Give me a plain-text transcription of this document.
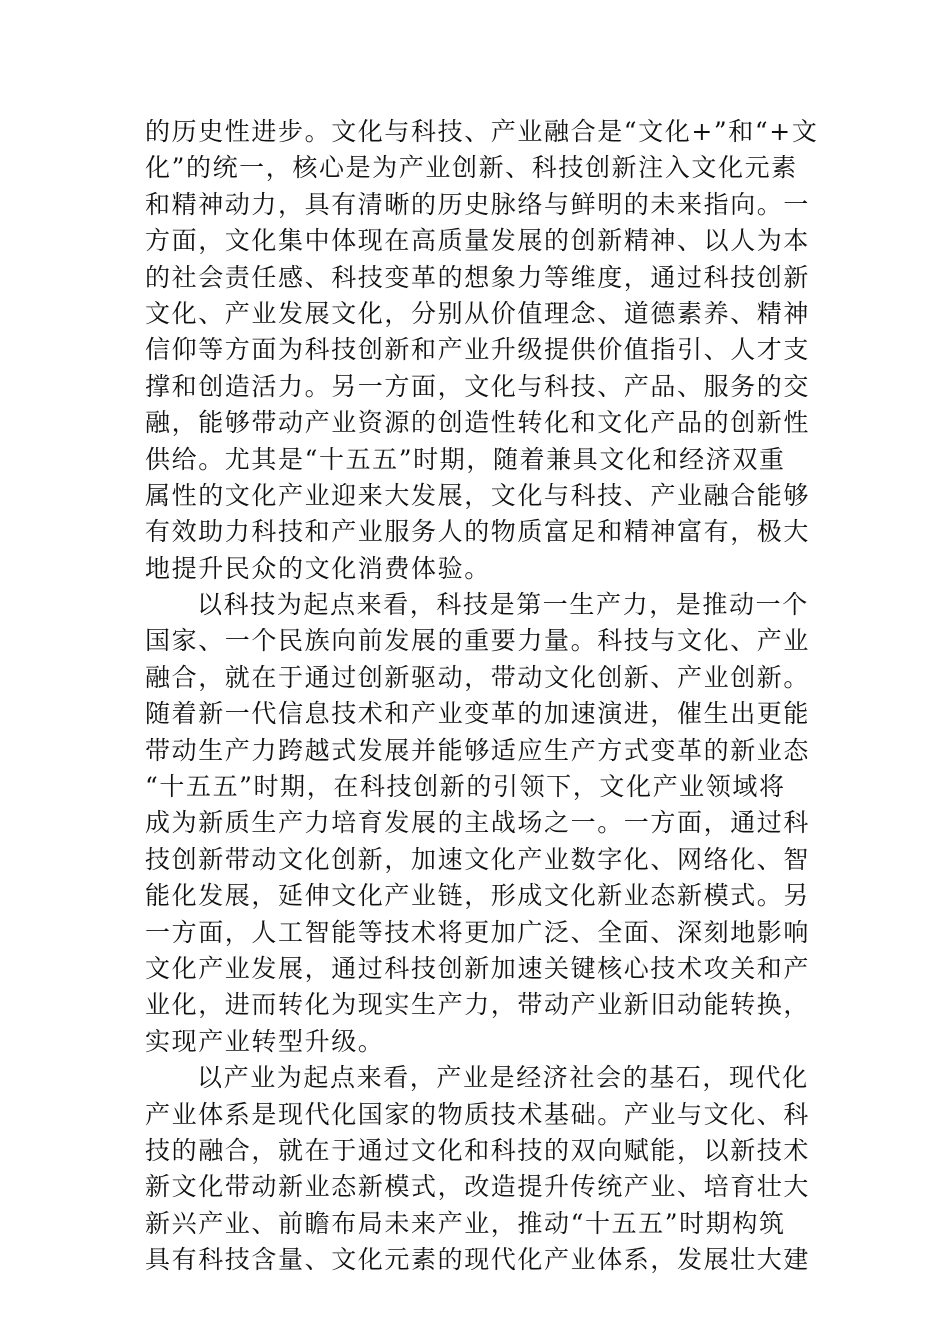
的历史性进步。文化与科技、产业融合是“文化+”和“+文
化”的统一，核心是为产业创新、科技创新注入文化元素
和精神动力，具有清晰的历史脉络与鲜明的未来指向。一
方面，文化集中体现在高质量发展的创新精神、以人为本
的社会责任感、科技变革的想象力等维度，通过科技创新
文化、产业发展文化，分别从价值理念、道德素养、精神
信仰等方面为科技创新和产业升级提供价值指引、人才支
撑和创造活力。另一方面，文化与科技、产品、服务的交
融，能够带动产业资源的创造性转化和文化产品的创新性
供给。尤其是“十五五”时期，随着兼具文化和经济双重
属性的文化产业迎来大发展，文化与科技、产业融合能够
有效助力科技和产业服务人的物质富足和精神富有，极大
地提升民众的文化消费体验。
以科技为起点来看，科技是第一生产力，是推动一个
国家、一个民族向前发展的重要力量。科技与文化、产业
融合，就在于通过创新驱动，带动文化创新、产业创新。
随着新一代信息技术和产业变革的加速演进，催生出更能
带动生产力跨越式发展并能够适应生产方式变革的新业态
“十五五”时期，在科技创新的引领下，文化产业领域将
成为新质生产力培育发展的主战场之一。一方面，通过科
技创新带动文化创新，加速文化产业数字化、网络化、智
能化发展，延伸文化产业链，形成文化新业态新模式。另
一方面，人工智能等技术将更加广泛、全面、深刻地影响
文化产业发展，通过科技创新加速关键核心技术攻关和产
业化，进而转化为现实生产力，带动产业新旧动能转换，
实现产业转型升级。
以产业为起点来看，产业是经济社会的基石，现代化
产业体系是现代化国家的物质技术基础。产业与文化、科
技的融合，就在于通过文化和科技的双向赋能，以新技术
新文化带动新业态新模式，改造提升传统产业、培育壮大
新兴产业、前瞻布局未来产业，推动“十五五”时期构筑
具有科技含量、文化元素的现代化产业体系，发展壮大建
